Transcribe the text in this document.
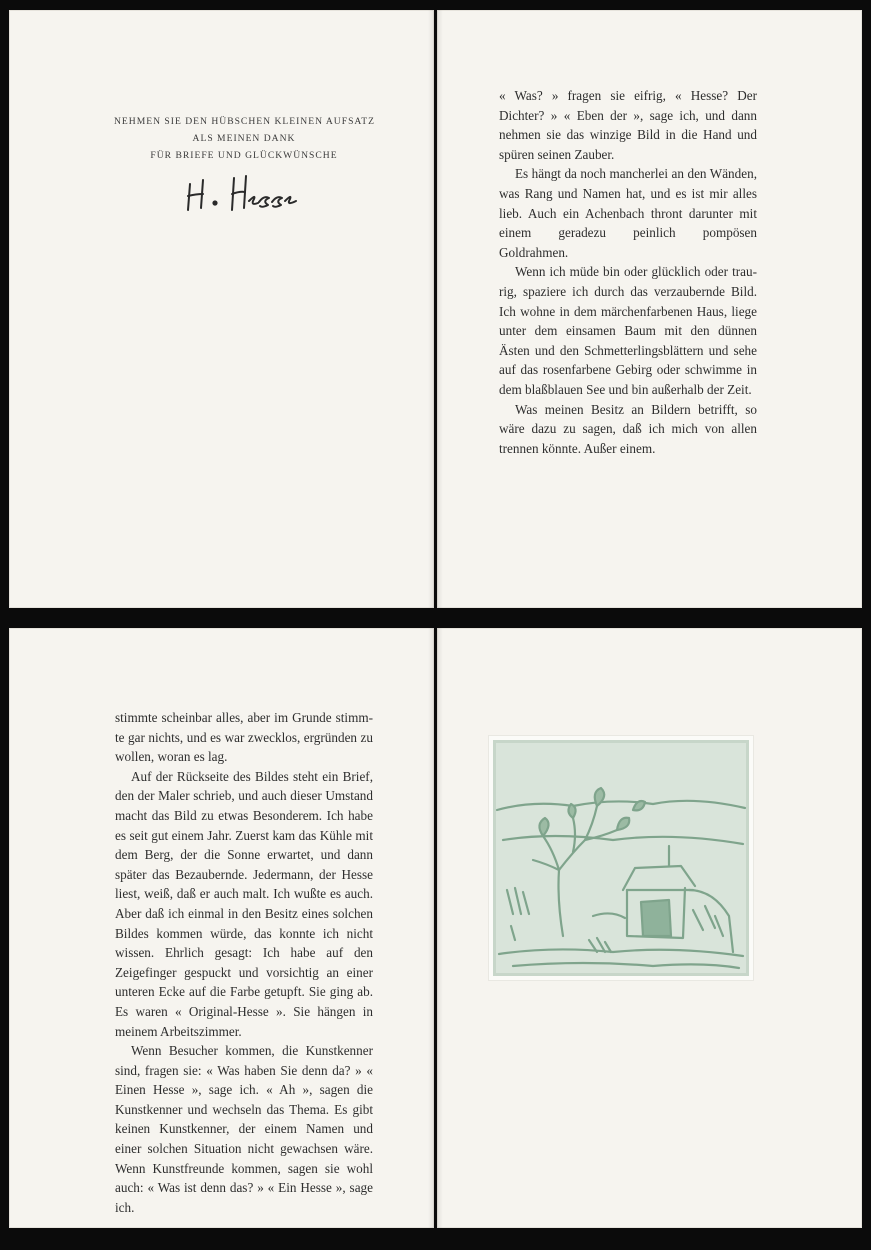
NEHMEN SIE DEN HÜBSCHEN KLEINEN AUFSATZ
ALS MEINEN DANK
FÜR BRIEFE UND GLÜCKWÜNSCHE

« Was? » fragen sie eifrig, « Hesse? Der Dichter? » « Eben der », sage ich, und dann nehmen sie das winzige Bild in die Hand und spüren seinen Zauber.

Es hängt da noch mancherlei an den Wänden, was Rang und Namen hat, und es ist mir alles lieb. Auch ein Achenbach thront darunter mit einem geradezu peinlich pompösen Goldrahmen.

Wenn ich müde bin oder glücklich oder traurig, spaziere ich durch das verzaubernde Bild. Ich wohne in dem märchenfarbenen Haus, liege unter dem einsamen Baum mit den dünnen Ästen und den Schmetterlingsblättern und sehe auf das rosenfarbene Gebirg oder schwimme in dem blaßblauen See und bin außerhalb der Zeit.

Was meinen Besitz an Bildern betrifft, so wäre dazu zu sagen, daß ich mich von allen trennen könnte. Außer einem.

stimmte scheinbar alles, aber im Grunde stimmte gar nichts, und es war zwecklos, ergründen zu wollen, woran es lag.

Auf der Rückseite des Bildes steht ein Brief, den der Maler schrieb, und auch dieser Umstand macht das Bild zu etwas Besonderem. Ich habe es seit gut einem Jahr. Zuerst kam das Kühle mit dem Berg, der die Sonne erwartet, und dann später das Bezaubernde. Jedermann, der Hesse liest, weiß, daß er auch malt. Ich wußte es auch. Aber daß ich einmal in den Besitz eines solchen Bildes kommen würde, das konnte ich nicht wissen. Ehrlich gesagt: Ich habe auf den Zeigefinger gespuckt und vorsichtig an einer unteren Ecke auf die Farbe getupft. Sie ging ab. Es waren « Original-Hesse ». Sie hängen in meinem Arbeitszimmer.

Wenn Besucher kommen, die Kunstkenner sind, fragen sie: « Was haben Sie denn da? » « Einen Hesse », sage ich. « Ah », sagen die Kunstkenner und wechseln das Thema. Es gibt keinen Kunstkenner, der einem Namen und einer solchen Situation nicht gewachsen wäre. Wenn Kunstfreunde kommen, sagen sie wohl auch: « Was ist denn das? » « Ein Hesse », sage ich.
